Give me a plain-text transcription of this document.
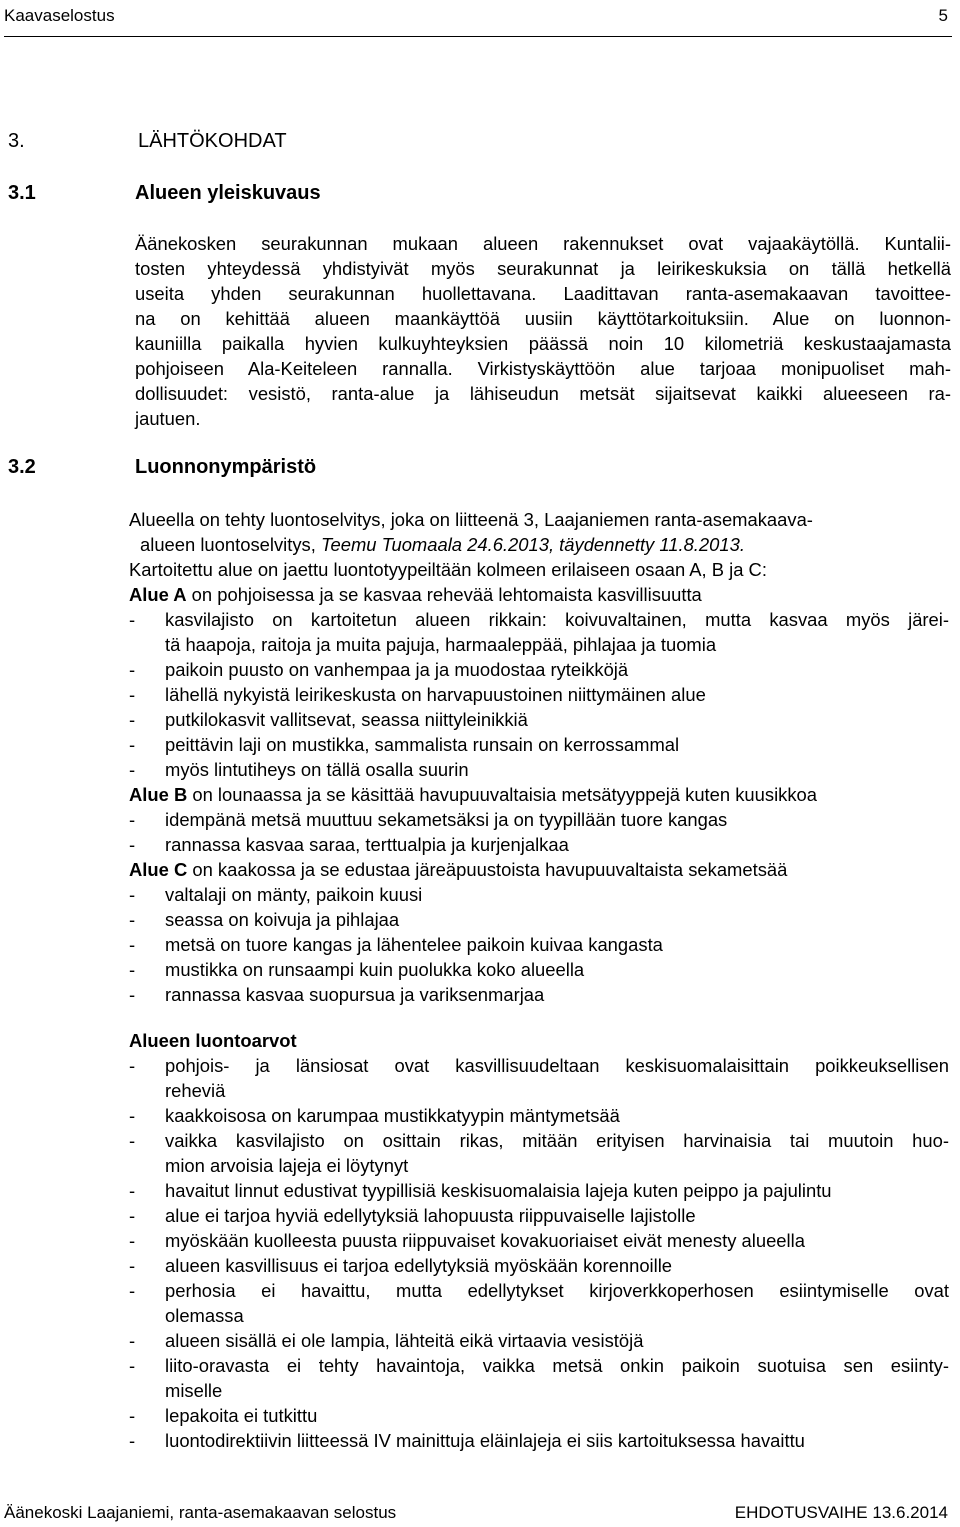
Kaavaselostus	5
3.	LÄHTÖKOHDAT
3.1	Alueen yleiskuvaus
Äänekosken seurakunnan mukaan alueen rakennukset ovat vajaakäytöllä. Kuntalii-
tosten yhteydessä yhdistyivät myös seurakunnat ja leirikeskuksia on tällä hetkellä
useita yhden seurakunnan huollettavana. Laadittavan ranta-asemakaavan tavoittee-
na on kehittää alueen maankäyttöä uusiin käyttötarkoituksiin. Alue on luonnon-
kauniilla paikalla hyvien kulkuyhteyksien päässä noin 10 kilometriä keskustaajamasta
pohjoiseen Ala-Keiteleen rannalla. Virkistyskäyttöön alue tarjoaa monipuoliset mah-
dollisuudet: vesistö, ranta-alue ja lähiseudun metsät sijaitsevat kaikki alueeseen ra-
jautuen.
3.2	Luonnonympäristö
Alueella on tehty luontoselvitys, joka on liitteenä 3, Laajaniemen ranta-asemakaava-
alueen luontoselvitys, Teemu Tuomaala 24.6.2013, täydennetty 11.8.2013.
Kartoitettu alue on jaettu luontotyypeiltään kolmeen erilaiseen osaan A, B ja C:
Alue A on pohjoisessa ja se kasvaa rehevää lehtomaista kasvillisuutta
- kasvilajisto on kartoitetun alueen rikkain: koivuvaltainen, mutta kasvaa myös järei-
tä haapoja, raitoja ja muita pajuja, harmaaleppää, pihlajaa ja tuomia
- paikoin puusto on vanhempaa ja ja muodostaa ryteikköjä
- lähellä nykyistä leirikeskusta on harvapuustoinen niittymäinen alue
- putkilokasvit vallitsevat, seassa niittyleinikkiä
- peittävin laji on mustikka, sammalista runsain on kerrossammal
- myös lintutiheys on tällä osalla suurin
Alue B on lounaassa ja se käsittää havupuuvaltaisia metsätyyppejä kuten kuusikkoa
- idempänä metsä muuttuu sekametsäksi ja on tyypillään tuore kangas
- rannassa kasvaa saraa, terttualpia ja kurjenjalkaa
Alue C on kaakossa ja se edustaa järeäpuustoista havupuuvaltaista sekametsää
- valtalaji on mänty, paikoin kuusi
- seassa on koivuja ja pihlajaa
- metsä on tuore kangas ja lähentelee paikoin kuivaa kangasta
- mustikka on runsaampi kuin puolukka koko alueella
- rannassa kasvaa suopursua ja variksenmarjaa
Alueen luontoarvot
- pohjois- ja länsiosat ovat kasvillisuudeltaan keskisuomalaisittain poikkeuksellisen
reheviä
- kaakkoisosa on karumpaa mustikkatyypin mäntymetsää
- vaikka kasvilajisto on osittain rikas, mitään erityisen harvinaisia tai muutoin huo-
mion arvoisia lajeja ei löytynyt
- havaitut linnut edustivat tyypillisiä keskisuomalaisia lajeja kuten peippo ja pajulintu
- alue ei tarjoa hyviä edellytyksiä lahopuusta riippuvaiselle lajistolle
- myöskään kuolleesta puusta riippuvaiset kovakuoriaiset eivät menesty alueella
- alueen kasvillisuus ei tarjoa edellytyksiä myöskään korennoille
- perhosia ei havaittu, mutta edellytykset kirjoverkkoperhosen esiintymiselle ovat
olemassa
- alueen sisällä ei ole lampia, lähteitä eikä virtaavia vesistöjä
- liito-oravasta ei tehty havaintoja, vaikka metsä onkin paikoin suotuisa sen esiinty-
miselle
- lepakoita ei tutkittu
- luontodirektiivin liitteessä IV mainittuja eläinlajeja ei siis kartoituksessa havaittu
Äänekoski Laajaniemi, ranta-asemakaavan selostus	EHDOTUSVAIHE 13.6.2014
